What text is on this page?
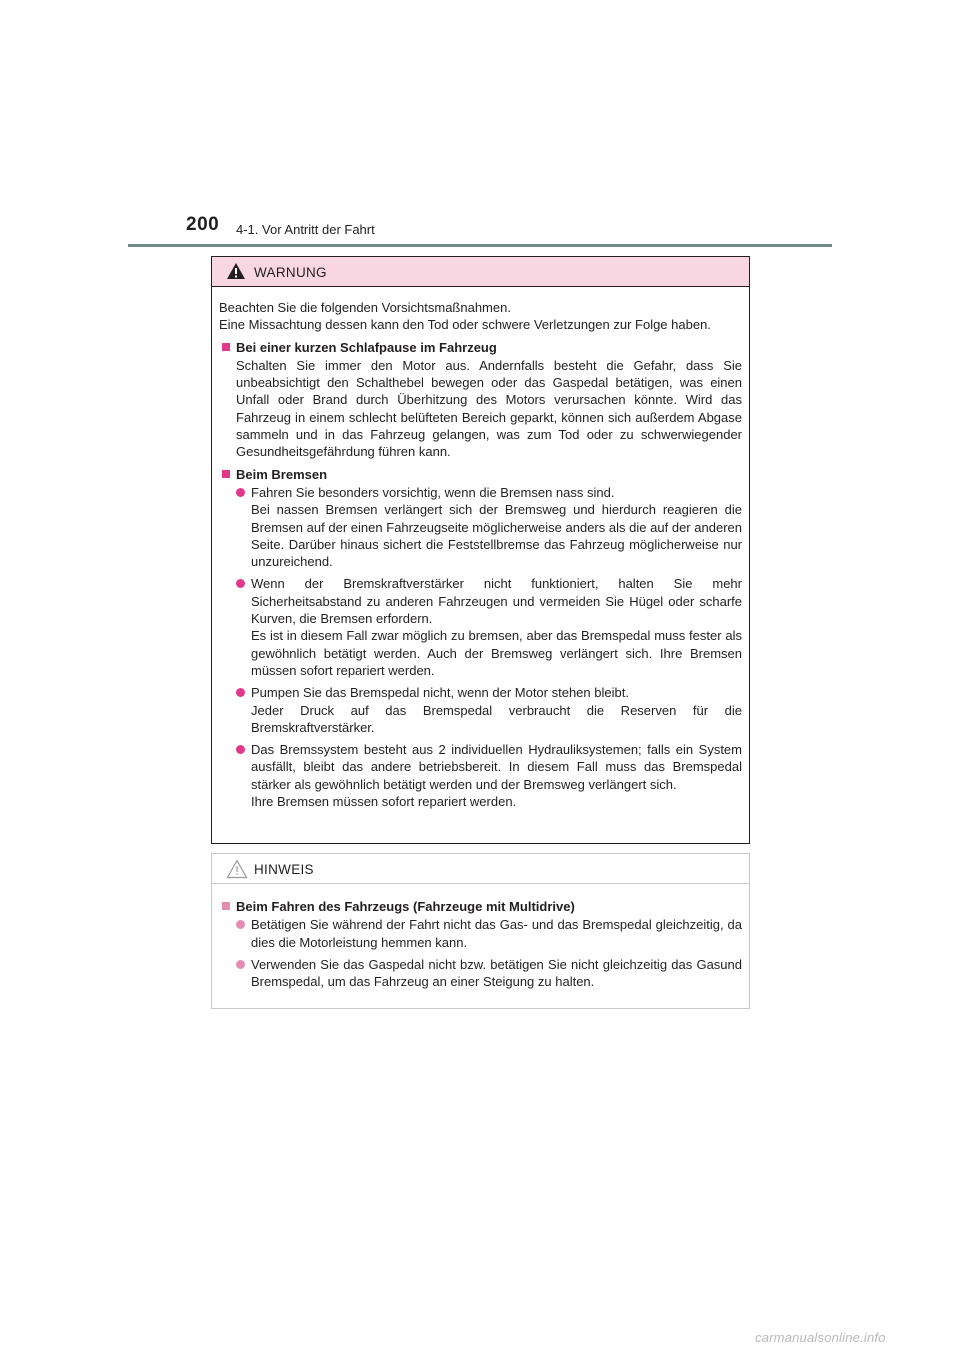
200 4-1. Vor Antritt der Fahrt
WARNUNG

Beachten Sie die folgenden Vorsichtsmaßnahmen.

Eine Missachtung dessen kann den Tod oder schwere Verletzungen zur Folge haben.

Bei einer kurzen Schlafpause im Fahrzeug

Schalten Sie immer den Motor aus. Andernfalls besteht die Gefahr, dass Sie unbeabsichtigt den Schalthebel bewegen oder das Gaspedal betätigen, was einen Unfall oder Brand durch Überhitzung des Motors verursachen könnte. Wird das Fahrzeug in einem schlecht belüfteten Bereich geparkt, können sich außerdem Abgase sammeln und in das Fahrzeug gelangen, was zum Tod oder zu schwerwiegender Gesundheitsgefährdung führen kann.

Beim Bremsen

Fahren Sie besonders vorsichtig, wenn die Bremsen nass sind.

Bei nassen Bremsen verlängert sich der Bremsweg und hierdurch reagieren die Bremsen auf der einen Fahrzeugseite möglicherweise anders als die auf der anderen Seite. Darüber hinaus sichert die Feststellbremse das Fahrzeug möglicherweise nur unzureichend.

Wenn der Bremskraftverstärker nicht funktioniert, halten Sie mehr Sicherheitsabstand zu anderen Fahrzeugen und vermeiden Sie Hügel oder scharfe Kurven, die Bremsen erfordern.

Es ist in diesem Fall zwar möglich zu bremsen, aber das Bremspedal muss fester als gewöhnlich betätigt werden. Auch der Bremsweg verlängert sich. Ihre Bremsen müssen sofort repariert werden.

Pumpen Sie das Bremspedal nicht, wenn der Motor stehen bleibt.

Jeder Druck auf das Bremspedal verbraucht die Reserven für die Bremskraftverstärker.

Das Bremssystem besteht aus 2 individuellen Hydrauliksystemen; falls ein System ausfällt, bleibt das andere betriebsbereit. In diesem Fall muss das Bremspedal stärker als gewöhnlich betätigt werden und der Bremsweg verlängert sich.

Ihre Bremsen müssen sofort repariert werden.

HINWEIS
Beim Fahren des Fahrzeugs (Fahrzeuge mit Multidrive)

Betätigen Sie während der Fahrt nicht das Gas- und das Bremspedal gleichzeitig, da dies die Motorleistung hemmen kann.

Verwenden Sie das Gaspedal nicht bzw. betätigen Sie nicht gleichzeitig das Gasund Bremspedal, um das Fahrzeug an einer Steigung zu halten.

carmanualsonline.info
